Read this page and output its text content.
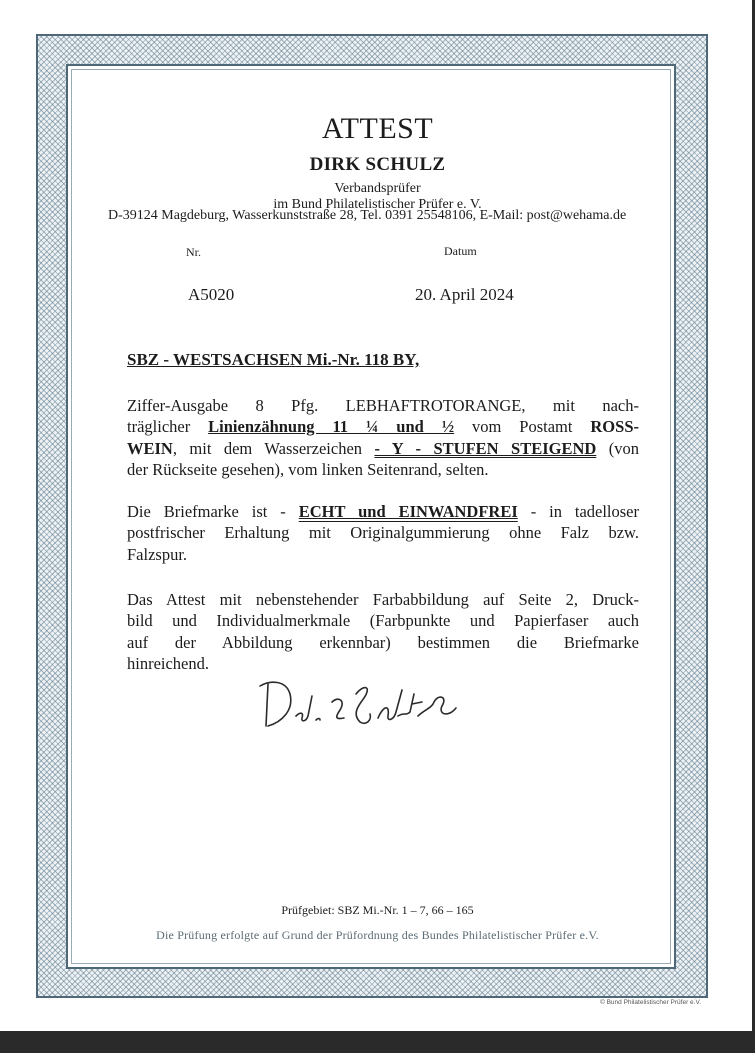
ATTEST
DIRK SCHULZ
Verbandsprüfer
im Bund Philatelistischer Prüfer e. V.
D-39124 Magdeburg, Wasserkunststraße 28, Tel. 0391 25548106, E-Mail: post@wehama.de
Nr.	Datum
A5020	20. April 2024
SBZ - WESTSACHSEN Mi.-Nr. 118 BY,
Ziffer-Ausgabe 8 Pfg. LEBHAFTROTORANGE, mit nach-
träglicher Linienzähnung 11 ¼ und ½ vom Postamt ROSS-
WEIN, mit dem Wasserzeichen - Y - STUFEN STEIGEND (von
der Rückseite gesehen), vom linken Seitenrand, selten.
Die Briefmarke ist - ECHT und EINWANDFREI - in tadelloser
postfrischer Erhaltung mit Originalgummierung ohne Falz bzw.
Falzspur.
Das Attest mit nebenstehender Farbabbildung auf Seite 2, Druck-
bild und Individualmerkmale (Farbpunkte und Papierfaser auch
auf der Abbildung erkennbar) bestimmen die Briefmarke
hinreichend.
Prüfgebiet: SBZ Mi.-Nr. 1 – 7, 66 – 165
Die Prüfung erfolgte auf Grund der Prüfordnung des Bundes Philatelistischer Prüfer e.V.
© Bund Philatelistischer Prüfer e.V.
